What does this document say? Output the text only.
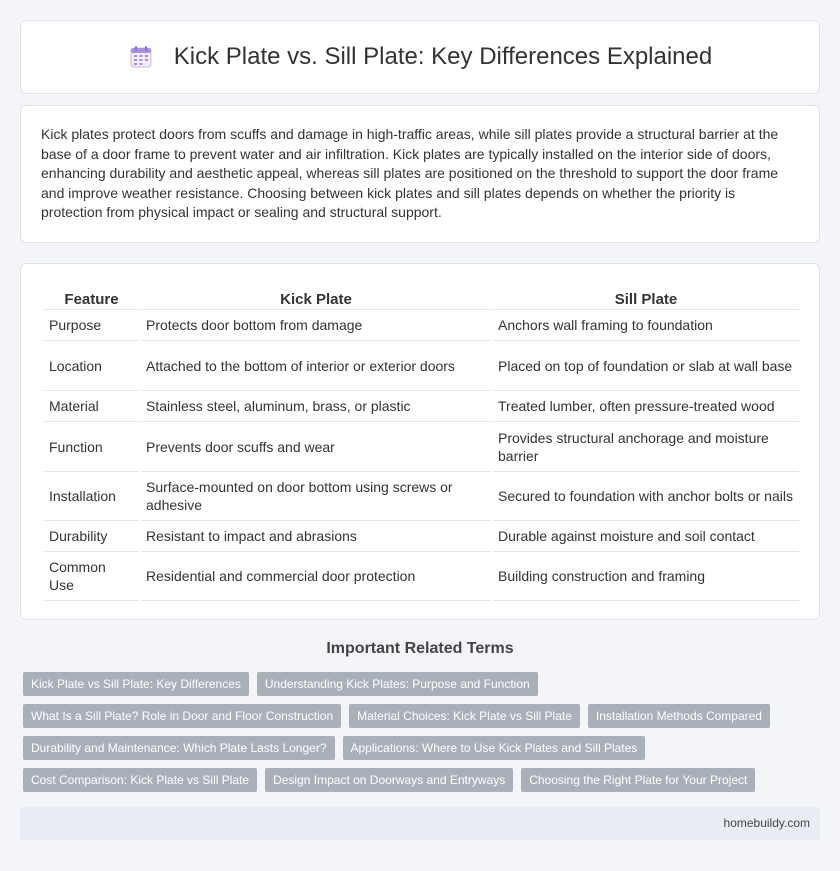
Kick Plate vs. Sill Plate: Key Differences Explained

Kick plates protect doors from scuffs and damage in high-traffic areas, while sill plates provide a structural barrier at the base of a door frame to prevent water and air infiltration. Kick plates are typically installed on the interior side of doors, enhancing durability and aesthetic appeal, whereas sill plates are positioned on the threshold to support the door frame and improve weather resistance. Choosing between kick plates and sill plates depends on whether the priority is protection from physical impact or sealing and structural support.

Feature	Kick Plate	Sill Plate
Purpose	Protects door bottom from damage	Anchors wall framing to foundation
Location	Attached to the bottom of interior or exterior doors	Placed on top of foundation or slab at wall base
Material	Stainless steel, aluminum, brass, or plastic	Treated lumber, often pressure-treated wood
Function	Prevents door scuffs and wear	Provides structural anchorage and moisture barrier
Installation	Surface-mounted on door bottom using screws or adhesive	Secured to foundation with anchor bolts or nails
Durability	Resistant to impact and abrasions	Durable against moisture and soil contact
Common Use	Residential and commercial door protection	Building construction and framing
Important Related Terms
Kick Plate vs Sill Plate: Key Differences	Understanding Kick Plates: Purpose and Function
What Is a Sill Plate? Role in Door and Floor Construction	Material Choices: Kick Plate vs Sill Plate	Installation Methods Compared
Durability and Maintenance: Which Plate Lasts Longer?	Applications: Where to Use Kick Plates and Sill Plates
Cost Comparison: Kick Plate vs Sill Plate	Design Impact on Doorways and Entryways	Choosing the Right Plate for Your Project
homebuildy.com
